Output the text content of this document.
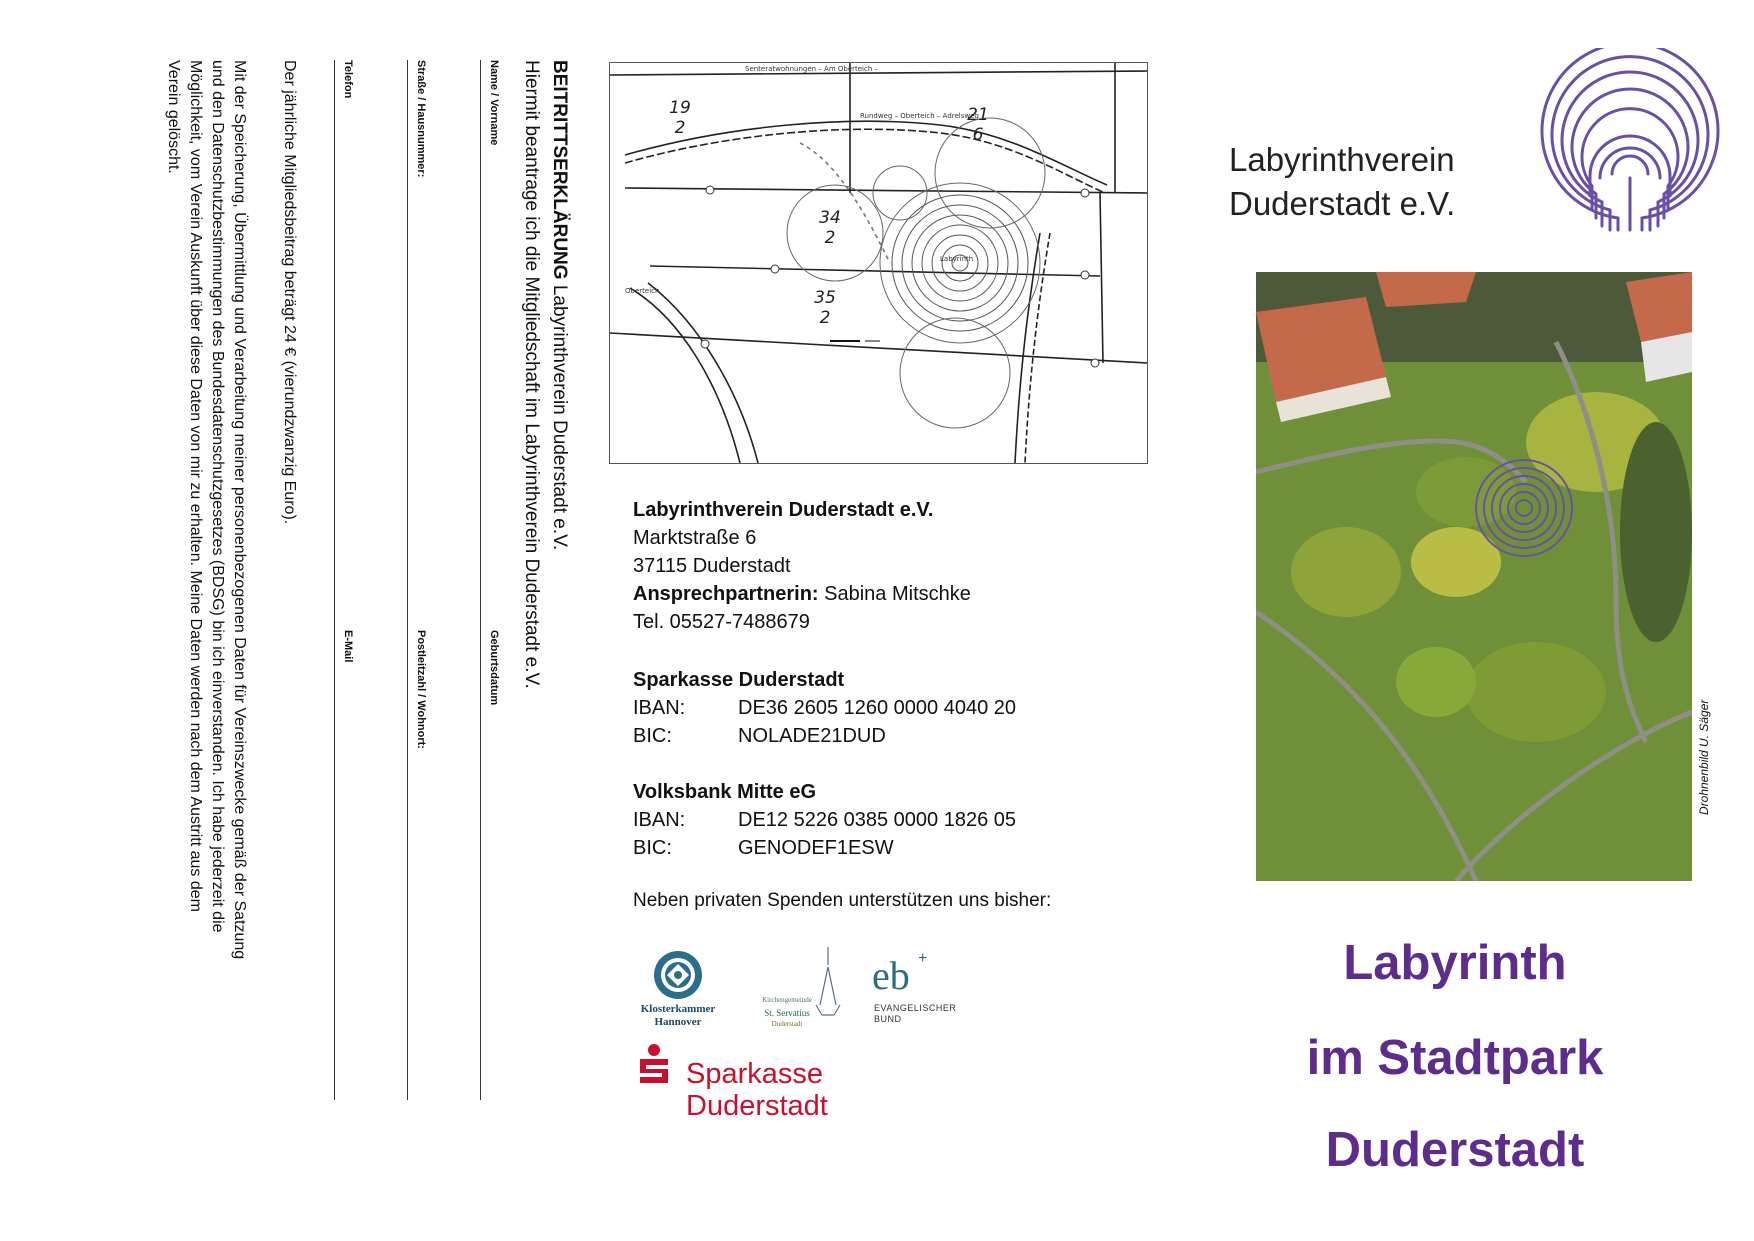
BEITRITTSERKLÄRUNG Labyrinthverein Duderstadt e.V.
Hiermit beantrage ich die Mitgliedschaft im Labyrinthverein Duderstadt e.V.
Name / Vorname
Geburtsdatum
Straße / Hausnummer:
Postleitzahl / Wohnort:
Telefon
E-Mail
Der jährliche Mitgliedsbeitrag beträgt 24 € (vierundzwanzig Euro).
Mit der Speicherung, Übermittlung und Verarbeitung meiner personenbezogenen Daten für Vereinszwecke gemäß der Satzung
und den Datenschutzbestimmungen des Bundesdatenschutzgesetzes (BDSG) bin ich einverstanden. Ich habe jederzeit die
Möglichkeit, vom Verein Auskunft über diese Daten von mir zu erhalten. Meine Daten werden nach dem Austritt aus dem
Verein gelöscht.	Senteratwohnungen – Am Oberteich –
Rundweg – Oberteich – Adrelsweg
Labyrinth
Oberteich
19
2
21
6
34
2
35
2
Labyrinthverein Duderstadt e.V.
Marktstraße 6
37115 Duderstadt
Ansprechpartnerin: Sabina Mitschke
Tel. 05527-7488679
Sparkasse Duderstadt
IBAN:	DE36 2605 1260 0000 4040 20
BIC:	NOLADE21DUD
Volksbank Mitte eG
IBAN:	DE12 5226 0385 0000 1826 05
BIC:	GENODEF1ESW
Neben privaten Spenden unterstützen uns bisher:
Klosterkammer
Hannover
Kirchengemeinde
St. Servatius
Duderstadt
eb +
EVANGELISCHER
BUND
Sparkasse
Duderstadt
Labyrinthverein
Duderstadt e.V.
Drohnenbild U. Säger
Labyrinth
im Stadtpark
Duderstadt
